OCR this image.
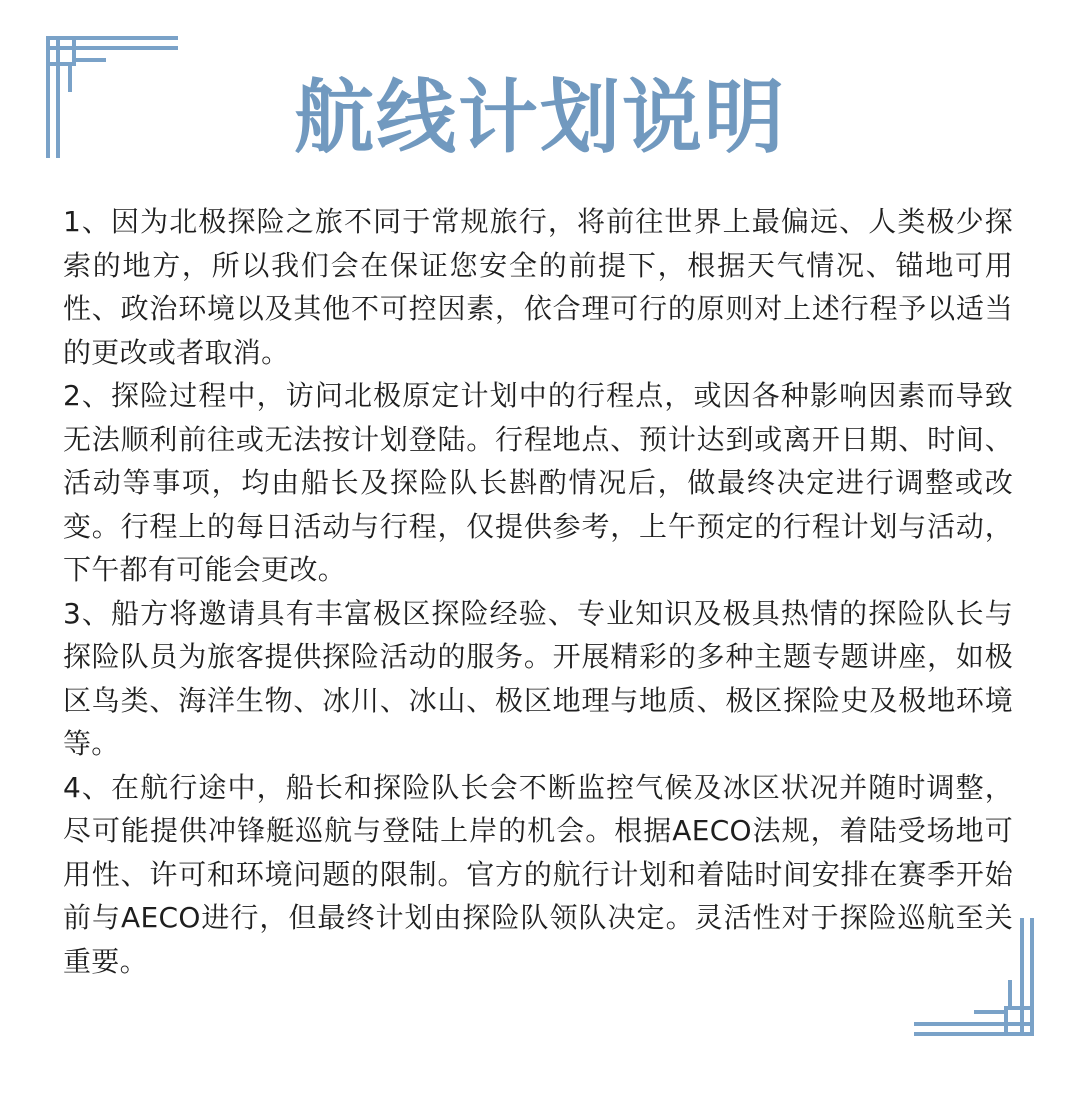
航线计划说明

1、因为北极探险之旅不同于常规旅行，将前往世界上最偏远、人类极少探索的地方，所以我们会在保证您安全的前提下，根据天气情况、锚地可用性、政治环境以及其他不可控因素，依合理可行的原则对上述行程予以适当的更改或者取消。

2、探险过程中，访问北极原定计划中的行程点，或因各种影响因素而导致无法顺利前往或无法按计划登陆。行程地点、预计达到或离开日期、时间、活动等事项，均由船长及探险队长斟酌情况后，做最终决定进行调整或改变。行程上的每日活动与行程，仅提供参考，上午预定的行程计划与活动，下午都有可能会更改。

3、船方将邀请具有丰富极区探险经验、专业知识及极具热情的探险队长与探险队员为旅客提供探险活动的服务。开展精彩的多种主题专题讲座，如极区鸟类、海洋生物、冰川、冰山、极区地理与地质、极区探险史及极地环境等。

4、在航行途中，船长和探险队长会不断监控气候及冰区状况并随时调整，尽可能提供冲锋艇巡航与登陆上岸的机会。根据AECO法规，着陆受场地可用性、许可和环境问题的限制。官方的航行计划和着陆时间安排在赛季开始前与AECO进行，但最终计划由探险队领队决定。灵活性对于探险巡航至关重要。
